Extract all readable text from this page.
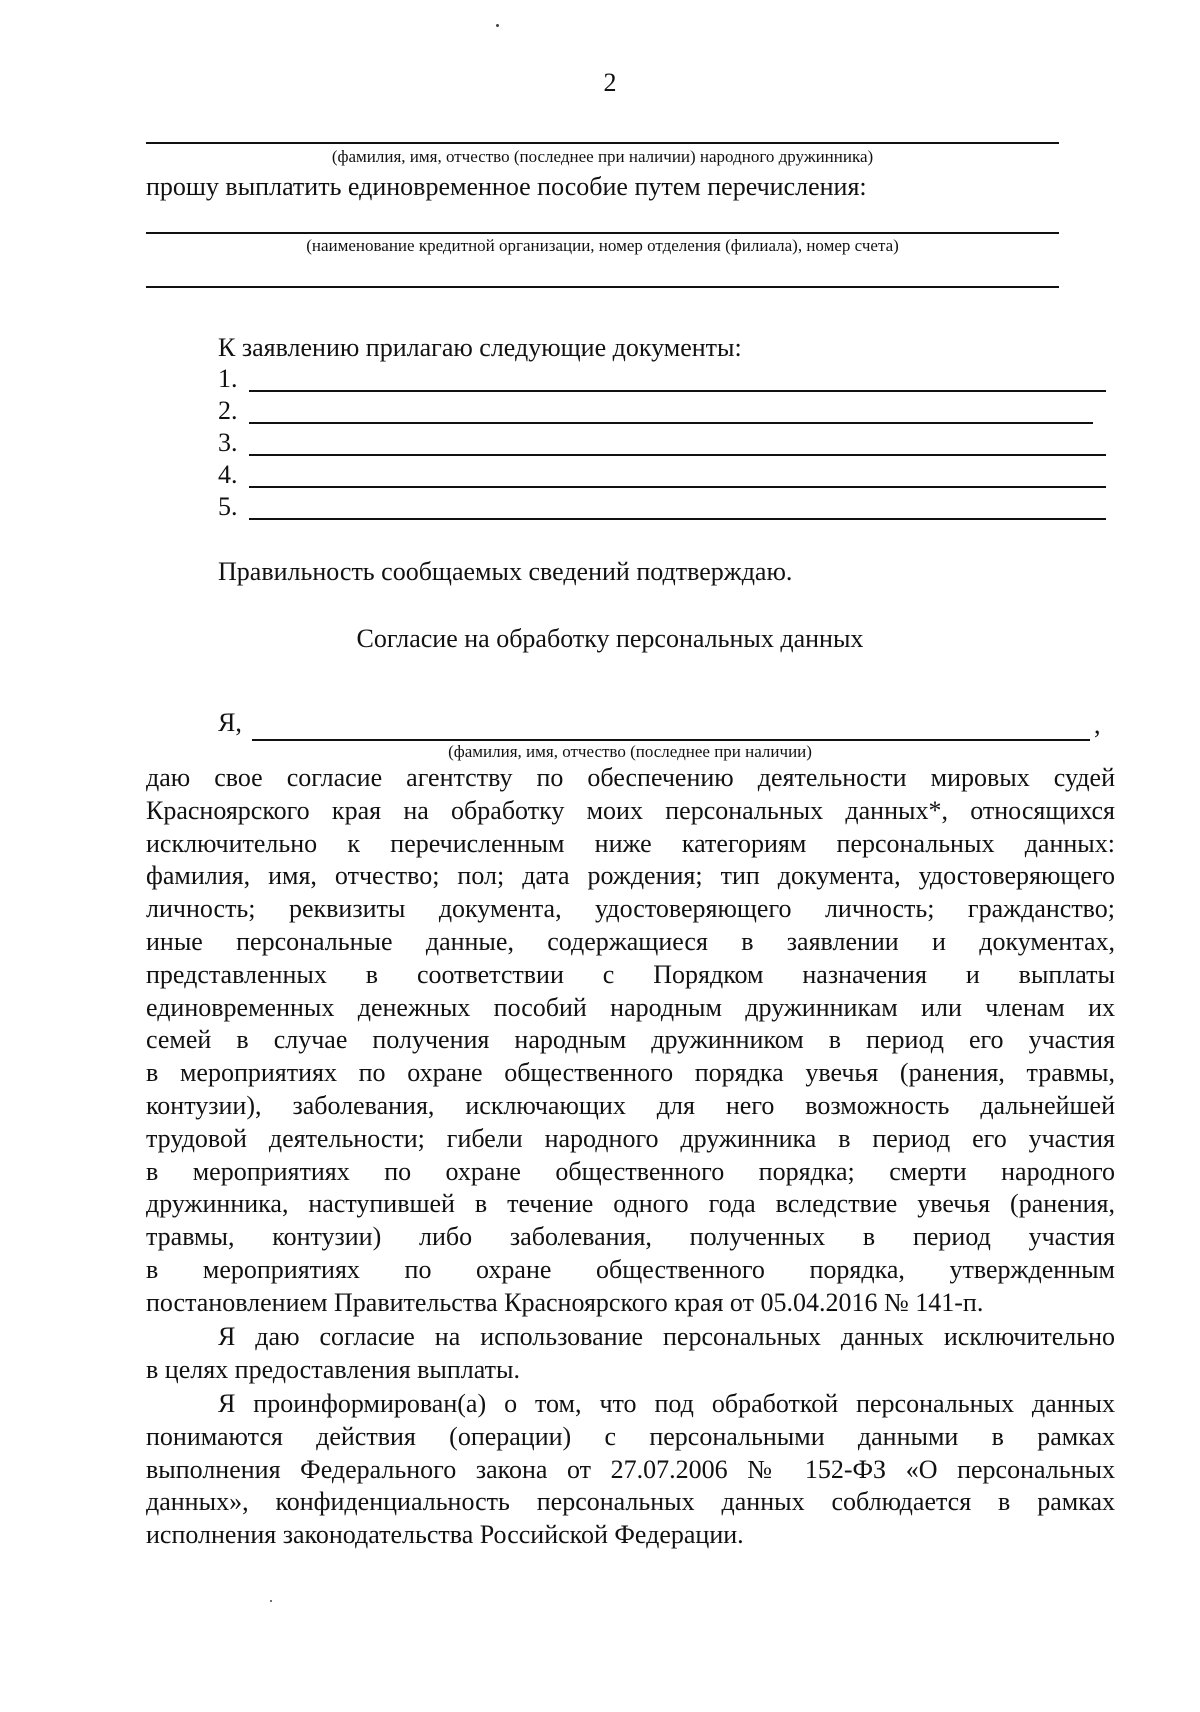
2
(фамилия, имя, отчество (последнее при наличии) народного дружинника)
прошу выплатить единовременное пособие путем перечисления:
(наименование кредитной организации, номер отделения (филиала), номер счета)
К заявлению прилагаю следующие документы:
1.
2.
3.
4.
5.
Правильность сообщаемых сведений подтверждаю.
Согласие на обработку персональных данных
Я,	,
(фамилия, имя, отчество (последнее при наличии)
даю свое согласие агентству по обеспечению деятельности мировых судей
Красноярского края на обработку моих персональных данных*, относящихся
исключительно к перечисленным ниже категориям персональных данных:
фамилия, имя, отчество; пол; дата рождения; тип документа, удостоверяющего
личность; реквизиты документа, удостоверяющего личность; гражданство;
иные персональные данные, содержащиеся в заявлении и документах,
представленных в соответствии с Порядком назначения и выплаты
единовременных денежных пособий народным дружинникам или членам их
семей в случае получения народным дружинником в период его участия
в мероприятиях по охране общественного порядка увечья (ранения, травмы,
контузии), заболевания, исключающих для него возможность дальнейшей
трудовой деятельности; гибели народного дружинника в период его участия
в мероприятиях по охране общественного порядка; смерти народного
дружинника, наступившей в течение одного года вследствие увечья (ранения,
травмы, контузии) либо заболевания, полученных в период участия
в мероприятиях по охране общественного порядка, утвержденным
постановлением Правительства Красноярского края от 05.04.2016 № 141-п.
Я даю согласие на использование персональных данных исключительно
в целях предоставления выплаты.
Я проинформирован(а) о том, что под обработкой персональных данных
понимаются действия (операции) с персональными данными в рамках
выполнения Федерального закона от 27.07.2006 № 152-ФЗ «О персональных
данных», конфиденциальность персональных данных соблюдается в рамках
исполнения законодательства Российской Федерации.
